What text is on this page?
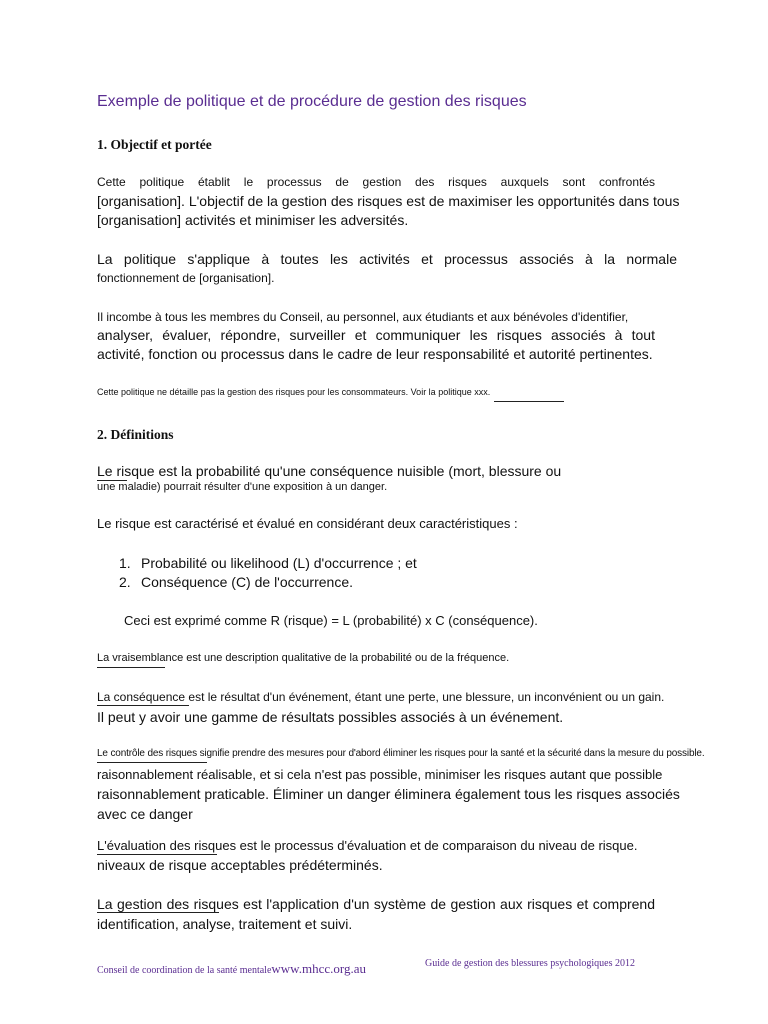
Exemple de politique et de procédure de gestion des risques
1. Objectif et portée
Cette politique établit le processus de gestion des risques auxquels sont confrontés
[organisation]. L'objectif de la gestion des risques est de maximiser les opportunités dans tous
[organisation] activités et minimiser les adversités.
La politique s'applique à toutes les activités et processus associés à la normale
fonctionnement de [organisation].
Il incombe à tous les membres du Conseil, au personnel, aux étudiants et aux bénévoles d'identifier,
analyser, évaluer, répondre, surveiller et communiquer les risques associés à tout
activité, fonction ou processus dans le cadre de leur responsabilité et autorité pertinentes.
Cette politique ne détaille pas la gestion des risques pour les consommateurs. Voir la politique xxx.
2. Définitions
Le risque est la probabilité qu'une conséquence nuisible (mort, blessure ou
une maladie) pourrait résulter d'une exposition à un danger.
Le risque est caractérisé et évalué en considérant deux caractéristiques :
1. Probabilité ou likelihood (L) d'occurrence ; et
2. Conséquence (C) de l'occurrence.
Ceci est exprimé comme R (risque) = L (probabilité) x C (conséquence).
La vraisemblance est une description qualitative de la probabilité ou de la fréquence.
La conséquence est le résultat d'un événement, étant une perte, une blessure, un inconvénient ou un gain.
Il peut y avoir une gamme de résultats possibles associés à un événement.
Le contrôle des risques signifie prendre des mesures pour d'abord éliminer les risques pour la santé et la sécurité dans la mesure du possible.
raisonnablement réalisable, et si cela n'est pas possible, minimiser les risques autant que possible
raisonnablement praticable. Éliminer un danger éliminera également tous les risques associés
avec ce danger
L'évaluation des risques est le processus d'évaluation et de comparaison du niveau de risque.
niveaux de risque acceptables prédéterminés.
La gestion des risques est l'application d'un système de gestion aux risques et comprend
identification, analyse, traitement et suivi.
Conseil de coordination de la santé mentalewww.mhcc.org.au	Guide de gestion des blessures psychologiques 2012
